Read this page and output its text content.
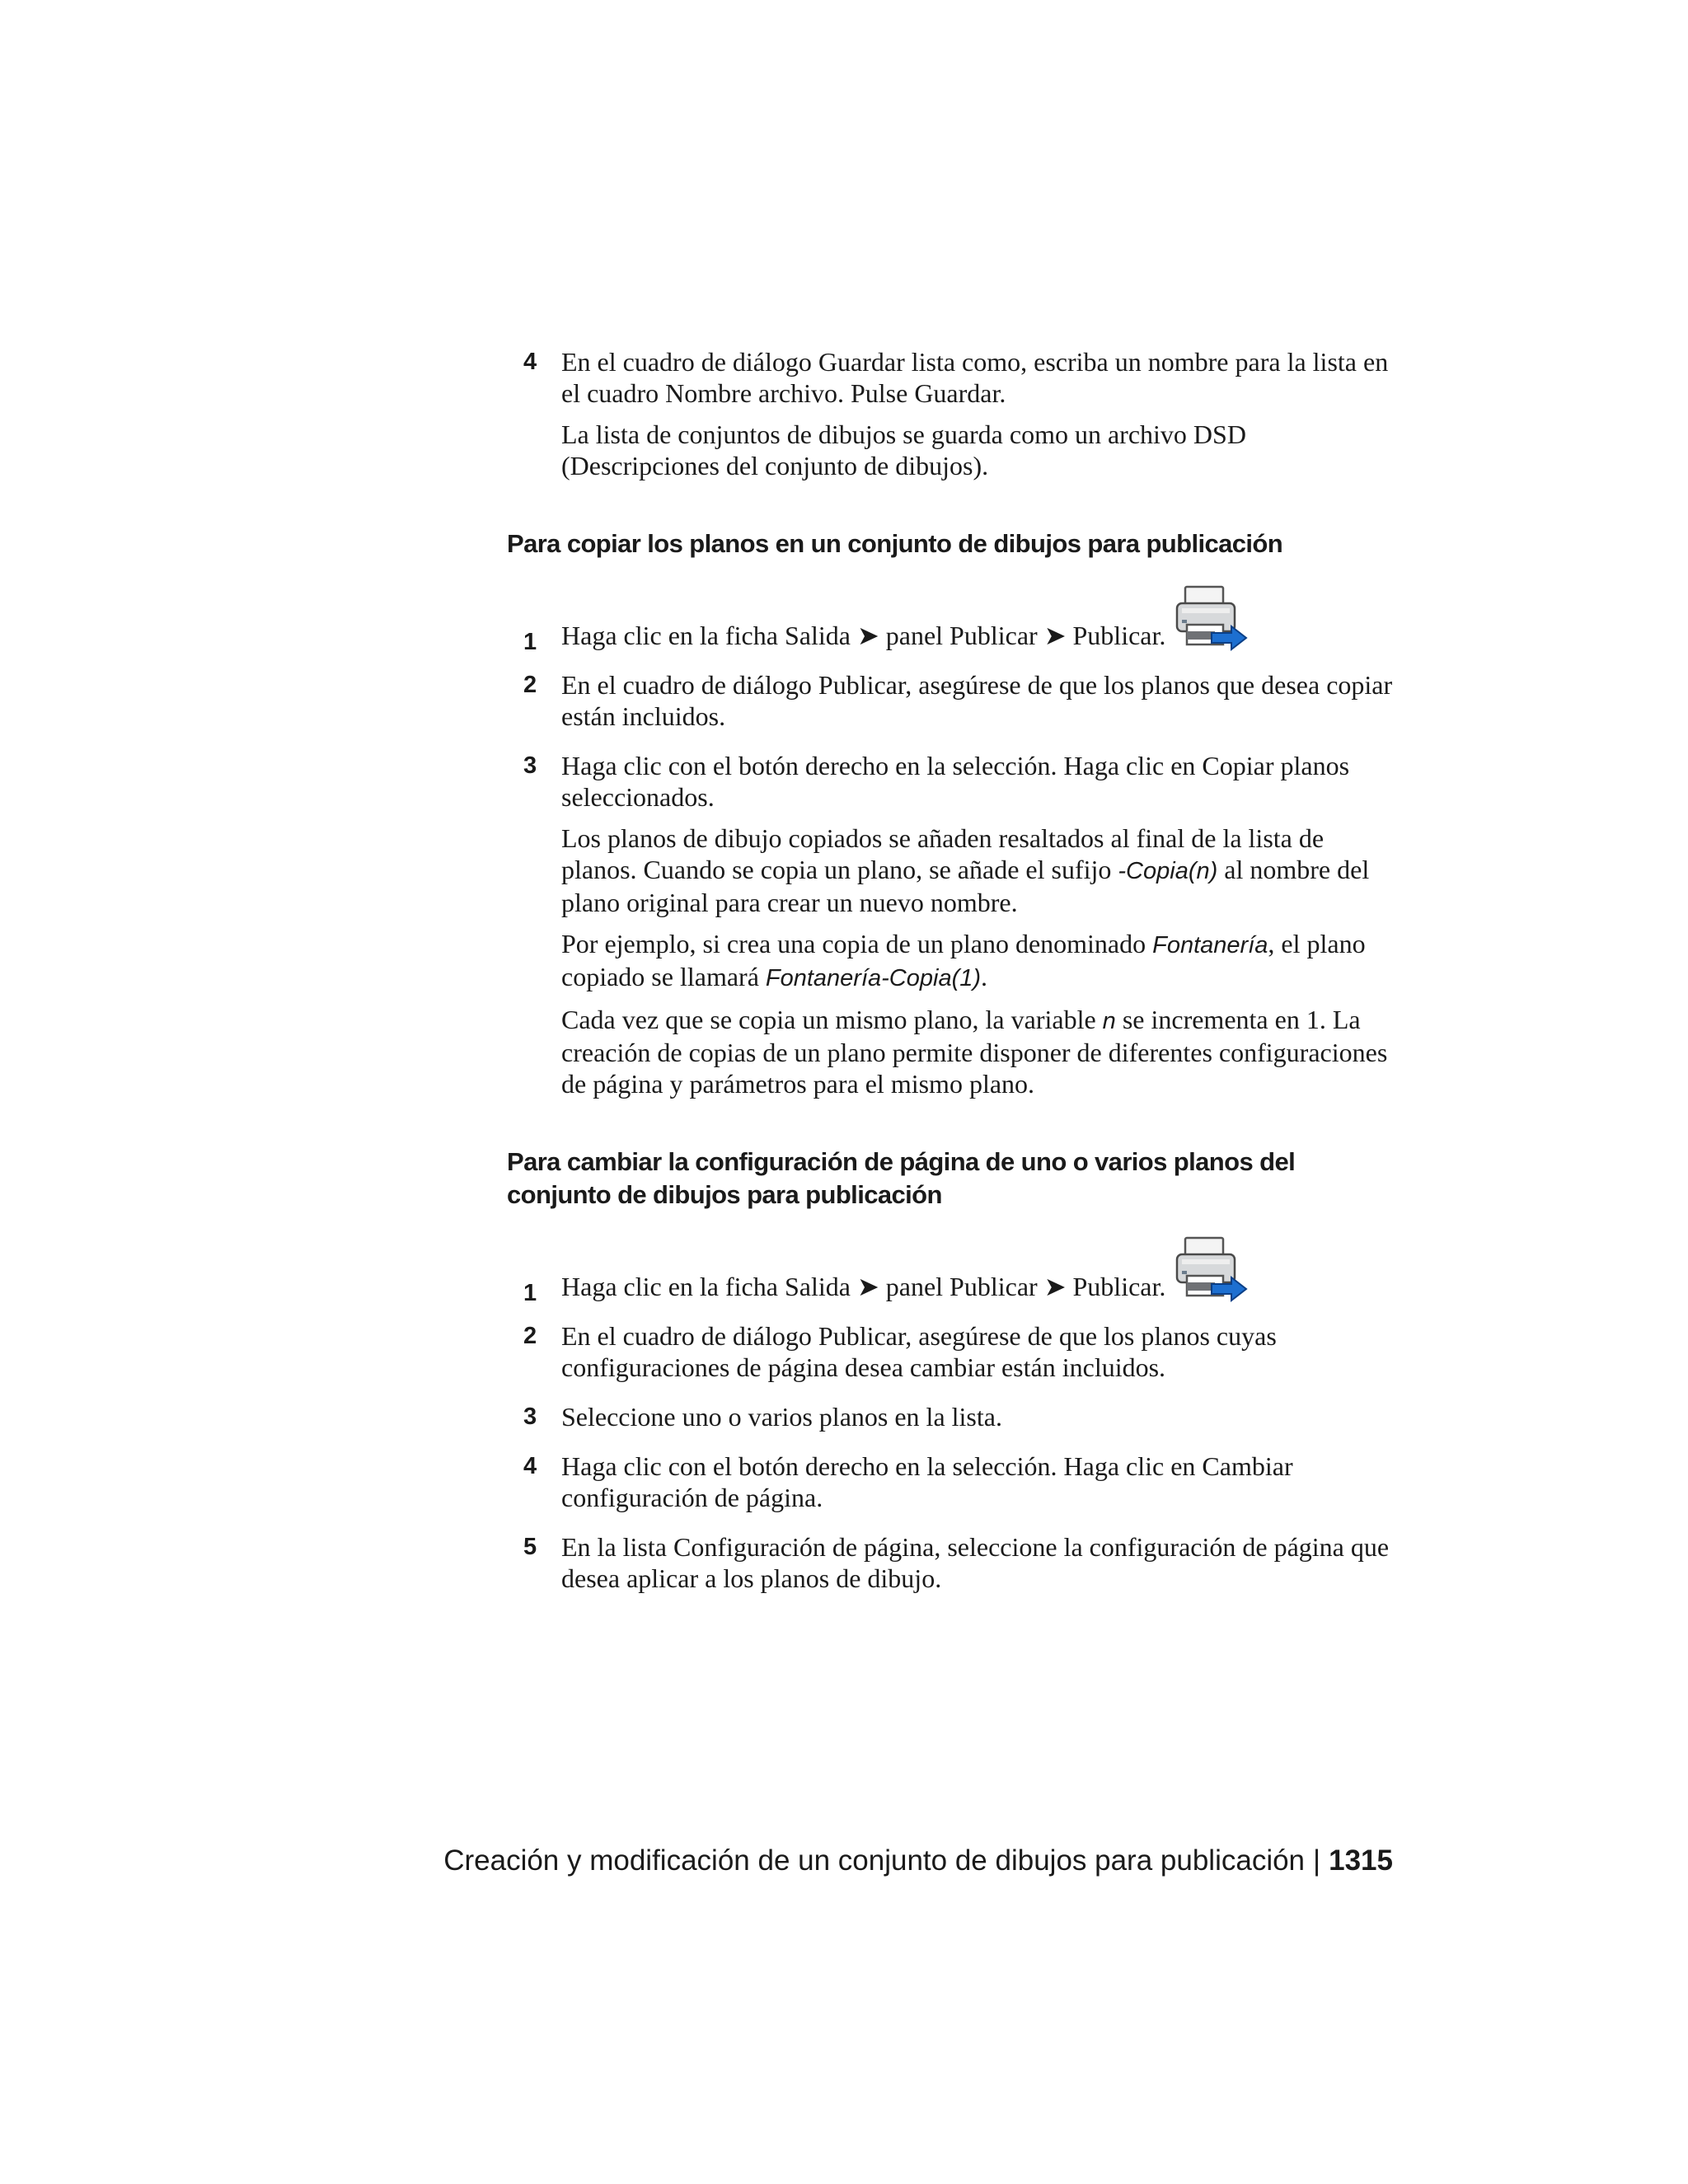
4 En el cuadro de diálogo Guardar lista como, escriba un nombre para la lista en el cuadro Nombre archivo. Pulse Guardar.

La lista de conjuntos de dibujos se guarda como un archivo DSD (Descripciones del conjunto de dibujos).

Para copiar los planos en un conjunto de dibujos para publicación
1 Haga clic en la ficha Salida ➤ panel Publicar ➤ Publicar.

2 En el cuadro de diálogo Publicar, asegúrese de que los planos que desea copiar están incluidos.

3 Haga clic con el botón derecho en la selección. Haga clic en Copiar planos seleccionados.

Los planos de dibujo copiados se añaden resaltados al final de la lista de planos. Cuando se copia un plano, se añade el sufijo -Copia(n) al nombre del plano original para crear un nuevo nombre.

Por ejemplo, si crea una copia de un plano denominado Fontanería, el plano copiado se llamará Fontanería-Copia(1).

Cada vez que se copia un mismo plano, la variable n se incrementa en 1. La creación de copias de un plano permite disponer de diferentes configuraciones de página y parámetros para el mismo plano.

Para cambiar la configuración de página de uno o varios planos del conjunto de dibujos para publicación
1 Haga clic en la ficha Salida ➤ panel Publicar ➤ Publicar.

2 En el cuadro de diálogo Publicar, asegúrese de que los planos cuyas configuraciones de página desea cambiar están incluidos.

3 Seleccione uno o varios planos en la lista.

4 Haga clic con el botón derecho en la selección. Haga clic en Cambiar configuración de página.

5 En la lista Configuración de página, seleccione la configuración de página que desea aplicar a los planos de dibujo.

Creación y modificación de un conjunto de dibujos para publicación | 1315
